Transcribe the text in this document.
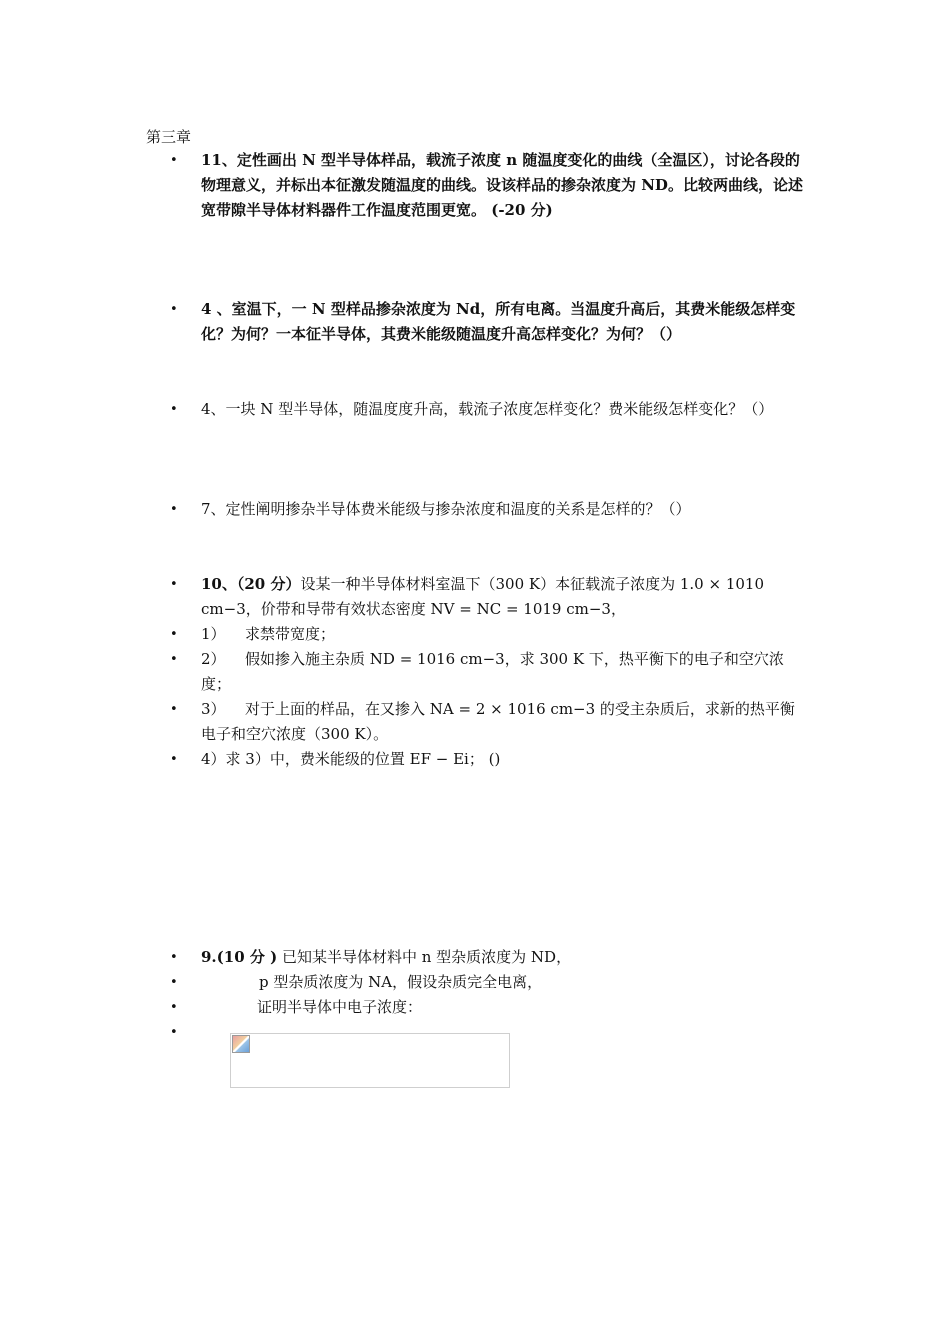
第三章
• 11、定性画出 N 型半导体样品，载流子浓度 n 随温度变化的曲线（全温区），讨论各段的物理意义，并标出本征激发随温度的曲线。设该样品的掺杂浓度为 ND。比较两曲线，论述宽带隙半导体材料器件工作温度范围更宽。 (-20 分)
• 4 、室温下，一 N 型样品掺杂浓度为 Nd，所有电离。当温度升高后，其费米能级怎样变化？为何？一本征半导体，其费米能级随温度升高怎样变化？为何？（）
• 4、一块 N 型半导体，随温度度升高，载流子浓度怎样变化？费米能级怎样变化？（）
• 7、定性阐明掺杂半导体费米能级与掺杂浓度和温度的关系是怎样的？（）
• 10、（20 分）设某一种半导体材料室温下（300 K）本征载流子浓度为 1.0 × 1010 cm−3，价带和导带有效状态密度 NV = NC = 1019 cm−3，
• 1） 求禁带宽度；
• 2） 假如掺入施主杂质 ND = 1016 cm−3，求 300 K 下，热平衡下的电子和空穴浓度；
• 3） 对于上面的样品，在又掺入 NA = 2 × 1016 cm−3 的受主杂质后，求新的热平衡电子和空穴浓度（300 K）。
• 4）求 3）中，费米能级的位置 EF − Ei； ()
• 9.(10 分 ) 已知某半导体材料中 n 型杂质浓度为 ND，
•	p 型杂质浓度为 NA，假设杂质完全电离，
•	证明半导体中电子浓度：
•
